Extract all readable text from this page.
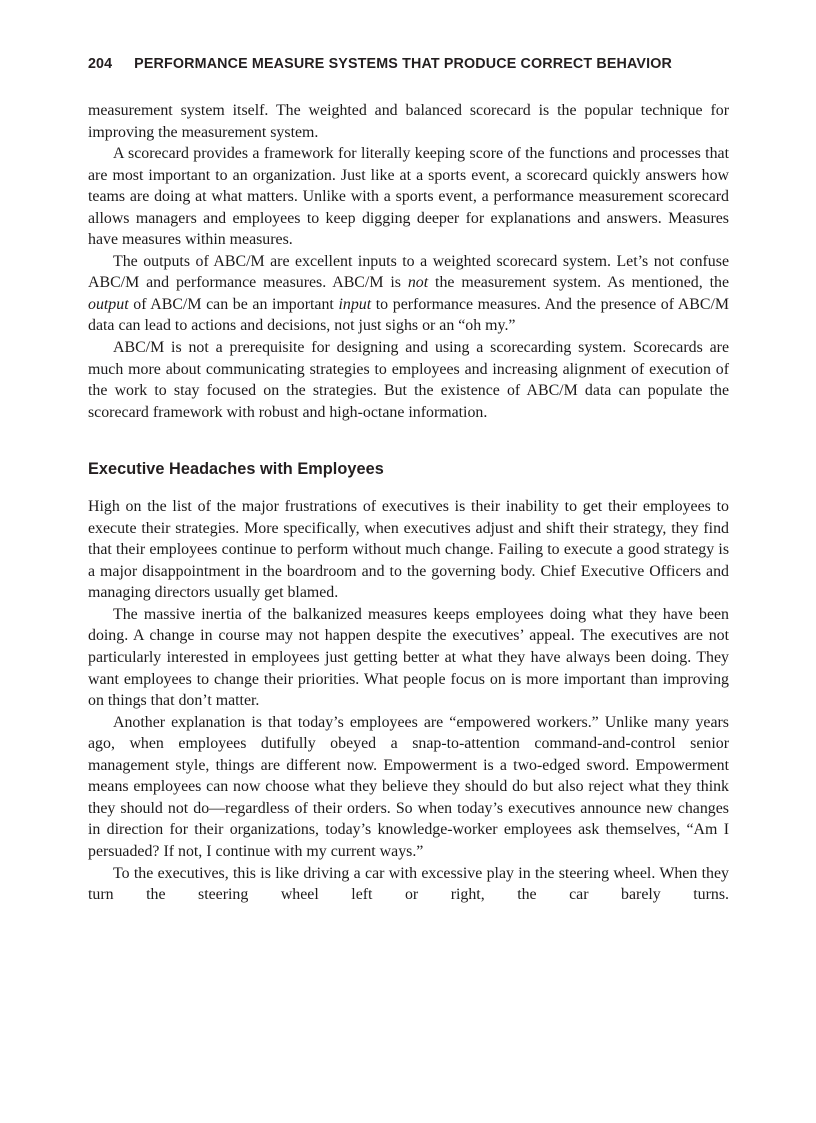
204 PERFORMANCE MEASURE SYSTEMS THAT PRODUCE CORRECT BEHAVIOR

measurement system itself. The weighted and balanced scorecard is the popular technique for improving the measurement system.

A scorecard provides a framework for literally keeping score of the functions and processes that are most important to an organization. Just like at a sports event, a scorecard quickly answers how teams are doing at what matters. Unlike with a sports event, a performance measurement scorecard allows managers and employees to keep digging deeper for explanations and answers. Measures have measures within measures.

The outputs of ABC/M are excellent inputs to a weighted scorecard system. Let’s not confuse ABC/M and performance measures. ABC/M is not the measurement system. As mentioned, the output of ABC/M can be an important input to performance measures. And the presence of ABC/M data can lead to actions and decisions, not just sighs or an “oh my.”

ABC/M is not a prerequisite for designing and using a scorecarding system. Scorecards are much more about communicating strategies to employees and increasing alignment of execution of the work to stay focused on the strategies. But the existence of ABC/M data can populate the scorecard framework with robust and high-octane information.

Executive Headaches with Employees

High on the list of the major frustrations of executives is their inability to get their employees to execute their strategies. More specifically, when executives adjust and shift their strategy, they find that their employees continue to perform without much change. Failing to execute a good strategy is a major disappointment in the boardroom and to the governing body. Chief Executive Officers and managing directors usually get blamed.

The massive inertia of the balkanized measures keeps employees doing what they have been doing. A change in course may not happen despite the executives’ appeal. The executives are not particularly interested in employees just getting better at what they have always been doing. They want employees to change their priorities. What people focus on is more important than improving on things that don’t matter.

Another explanation is that today’s employees are “empowered workers.” Unlike many years ago, when employees dutifully obeyed a snap-to-attention command-and-control senior management style, things are different now. Empowerment is a two-edged sword. Empowerment means employees can now choose what they believe they should do but also reject what they think they should not do—regardless of their orders. So when today’s executives announce new changes in direction for their organizations, today’s knowledge-worker employees ask themselves, “Am I persuaded? If not, I continue with my current ways.”

To the executives, this is like driving a car with excessive play in the steering wheel. When they turn the steering wheel left or right, the car barely turns.
